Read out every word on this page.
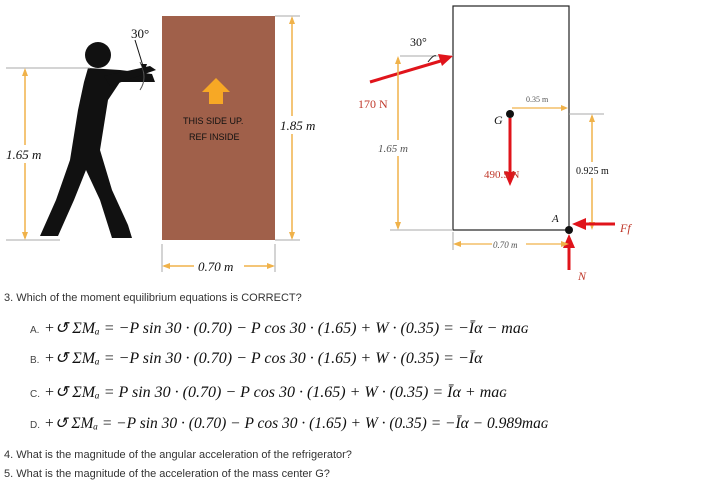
30°
THIS SIDE UP.
REF INSIDE
1.65 m
1.85 m
0.70 m
30°
170 N
1.65 m
G
0.35 m
490.5 N	0.925 m
A
Ff
N
0.70 m
3. Which of the moment equilibrium equations is CORRECT?
A. +↺ ΣMₐ = −P sin 30 · (0.70) − P cos 30 · (1.65) + W · (0.35) = −Īα − maɢ
B. +↺ ΣMₐ = −P sin 30 · (0.70) − P cos 30 · (1.65) + W · (0.35) = −Īα
C. +↺ ΣMₐ = P sin 30 · (0.70) − P cos 30 · (1.65) + W · (0.35) = Īα + maɢ
D. +↺ ΣMₐ = −P sin 30 · (0.70) − P cos 30 · (1.65) + W · (0.35) = −Īα − 0.989maɢ
4. What is the magnitude of the angular acceleration of the refrigerator?
5. What is the magnitude of the acceleration of the mass center G?
